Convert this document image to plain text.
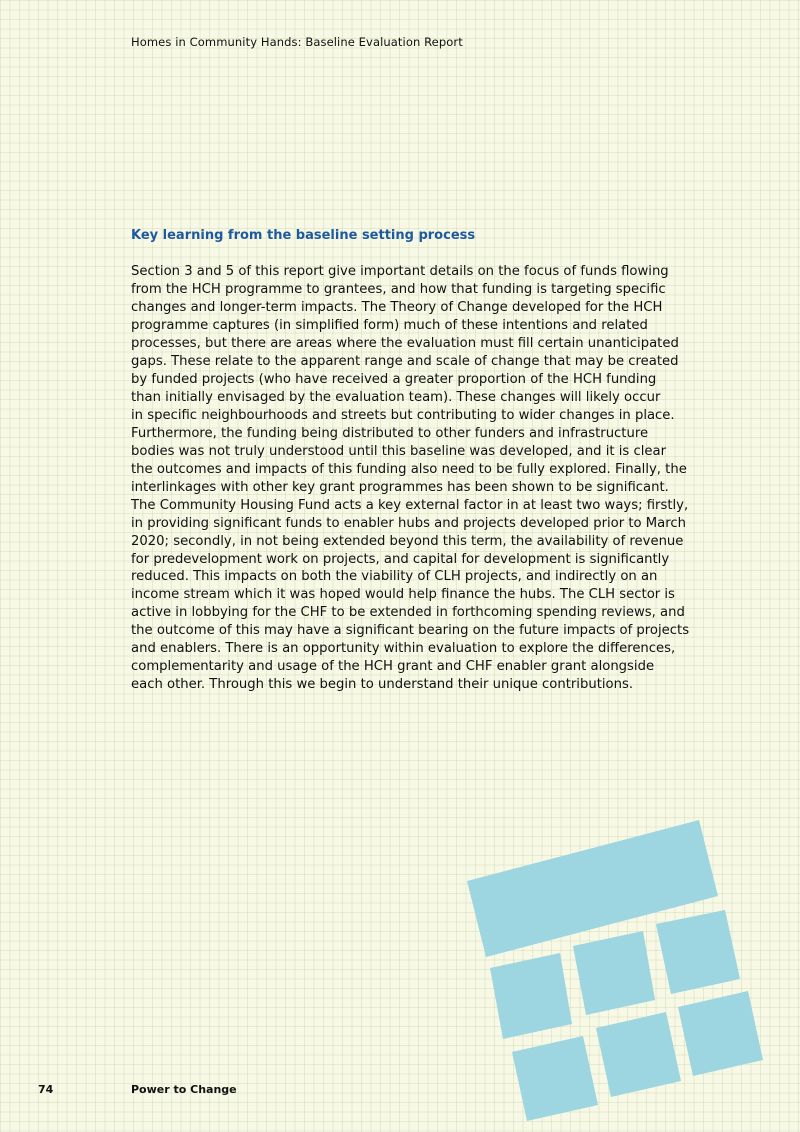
Homes in Community Hands: Baseline Evaluation Report
Key learning from the baseline setting process
Section 3 and 5 of this report give important details on the focus of funds flowing
from the HCH programme to grantees, and how that funding is targeting specific
changes and longer-term impacts. The Theory of Change developed for the HCH
programme captures (in simplified form) much of these intentions and related
processes, but there are areas where the evaluation must fill certain unanticipated
gaps. These relate to the apparent range and scale of change that may be created
by funded projects (who have received a greater proportion of the HCH funding
than initially envisaged by the evaluation team). These changes will likely occur
in specific neighbourhoods and streets but contributing to wider changes in place.
Furthermore, the funding being distributed to other funders and infrastructure
bodies was not truly understood until this baseline was developed, and it is clear
the outcomes and impacts of this funding also need to be fully explored. Finally, the
interlinkages with other key grant programmes has been shown to be significant.
The Community Housing Fund acts a key external factor in at least two ways; firstly,
in providing significant funds to enabler hubs and projects developed prior to March
2020; secondly, in not being extended beyond this term, the availability of revenue
for predevelopment work on projects, and capital for development is significantly
reduced. This impacts on both the viability of CLH projects, and indirectly on an
income stream which it was hoped would help finance the hubs. The CLH sector is
active in lobbying for the CHF to be extended in forthcoming spending reviews, and
the outcome of this may have a significant bearing on the future impacts of projects
and enablers. There is an opportunity within evaluation to explore the differences,
complementarity and usage of the HCH grant and CHF enabler grant alongside
each other. Through this we begin to understand their unique contributions.
74	Power to Change
